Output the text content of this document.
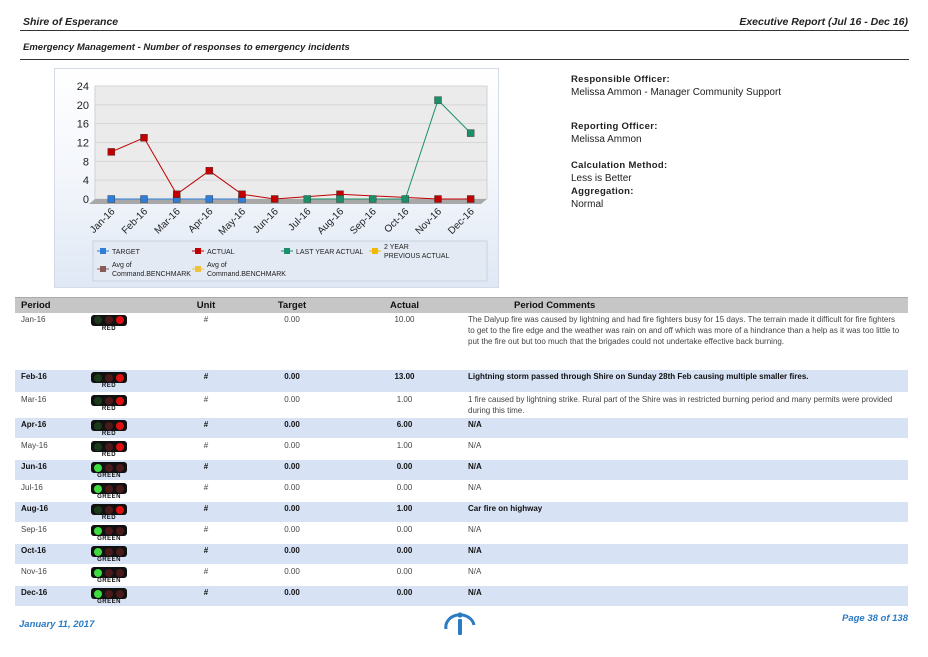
Shire of Esperance	Executive Report (Jul 16 - Dec 16)
Emergency Management - Number of responses to emergency incidents
0
4
8
12
16
20
24
Jan-16 Feb-16 Mar-16 Apr-16 May-16 Jun-16 Jul-16 Aug-16 Sep-16 Oct-16 Nov-16 Dec-16
TARGET	ACTUAL	LAST YEAR ACTUAL
2 YEAR PREVIOUS ACTUAL
Avg of Command.BENCHMARK
Avg of Command.BENCHMARK
Responsible Officer:
Melissa Ammon - Manager Community Support
Reporting Officer:
Melissa Ammon
Calculation Method:
Less is Better
Aggregation:
Normal
Period		Unit	Target	Actual	Period Comments
Jan-16	RED	#	0.00	10.00	The Dalyup fire was caused by lightning and had fire fighters busy for 15 days. The terrain made it difficult for fire fighters to get to the fire edge and the weather was rain on and off which was more of a hindrance than a help as it was too little to put the fire out but too much that the brigades could not undertake effective back burning.
Feb-16	RED	#	0.00	13.00	Lightning storm passed through Shire on Sunday 28th Feb causing multiple smaller fires.
Mar-16	RED	#	0.00	1.00	1 fire caused by lightning strike. Rural part of the Shire was in restricted burning period and many permits were provided during this time.
Apr-16	RED	#	0.00	6.00	N/A
May-16	RED	#	0.00	1.00	N/A
Jun-16	GREEN	#	0.00	0.00	N/A
Jul-16	GREEN	#	0.00	0.00	N/A
Aug-16	RED	#	0.00	1.00	Car fire on highway
Sep-16	GREEN	#	0.00	0.00	N/A
Oct-16	GREEN	#	0.00	0.00	N/A
Nov-16	GREEN	#	0.00	0.00	N/A
Dec-16	GREEN	#	0.00	0.00	N/A
January 11, 2017
Page 38 of 138
